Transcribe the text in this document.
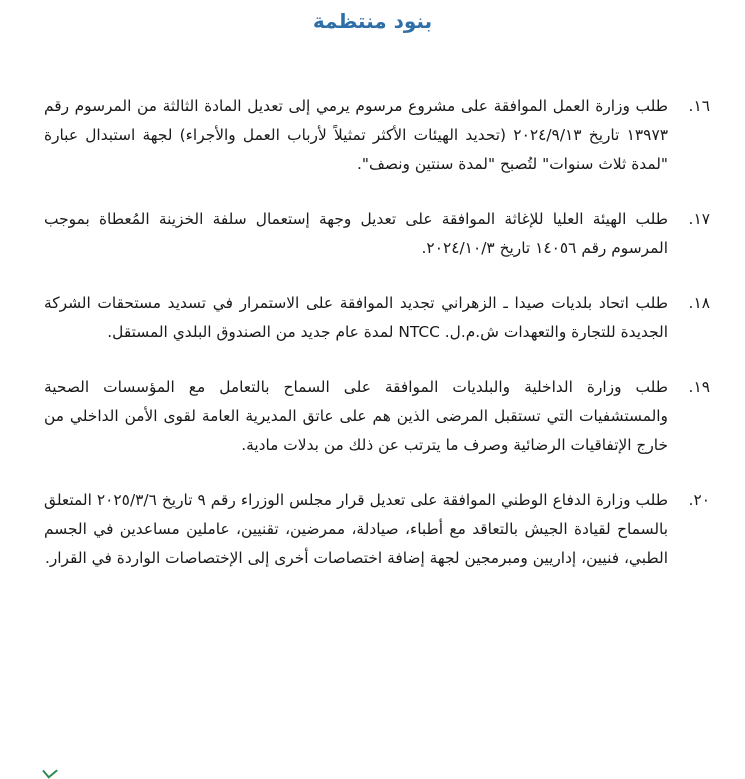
بنود منتظمة
١٦.
طلب وزارة العمل الموافقة على مشروع مرسوم يرمي إلى تعديل المادة الثالثة من المرسوم رقم ١٣٩٧٣ تاريخ ٢٠٢٤/٩/١٣ (تحديد الهيئات الأكثر تمثيلاً لأرباب العمل والأجراء) لجهة استبدال عبارة "لمدة ثلاث سنوات" لتُصبح "لمدة سنتين ونصف".
١٧.
طلب الهيئة العليا للإغاثة الموافقة على تعديل وجهة إستعمال سلفة الخزينة المُعطاة بموجب المرسوم رقم ١٤٠٥٦ تاريخ ٢٠٢٤/١٠/٣.
١٨.
طلب اتحاد بلديات صيدا ـ الزهراني تجديد الموافقة على الاستمرار في تسديد مستحقات الشركة الجديدة للتجارة والتعهدات ش.م.ل. NTCC لمدة عام جديد من الصندوق البلدي المستقل.
١٩.
طلب وزارة الداخلية والبلديات الموافقة على السماح بالتعامل مع المؤسسات الصحية والمستشفيات التي تستقبل المرضى الذين هم على عاتق المديرية العامة لقوى الأمن الداخلي من خارج الإتفاقيات الرضائية وصرف ما يترتب عن ذلك من بدلات مادية.
٢٠.
طلب وزارة الدفاع الوطني الموافقة على تعديل قرار مجلس الوزراء رقم ٩ تاريخ ٢٠٢٥/٣/٦ المتعلق بالسماح لقيادة الجيش بالتعاقد مع أطباء، صيادلة، ممرضين، تقنيين، عاملين مساعدين في الجسم الطبي، فنيين، إداريين ومبرمجين لجهة إضافة اختصاصات أخرى إلى الإختصاصات الواردة في القرار.
